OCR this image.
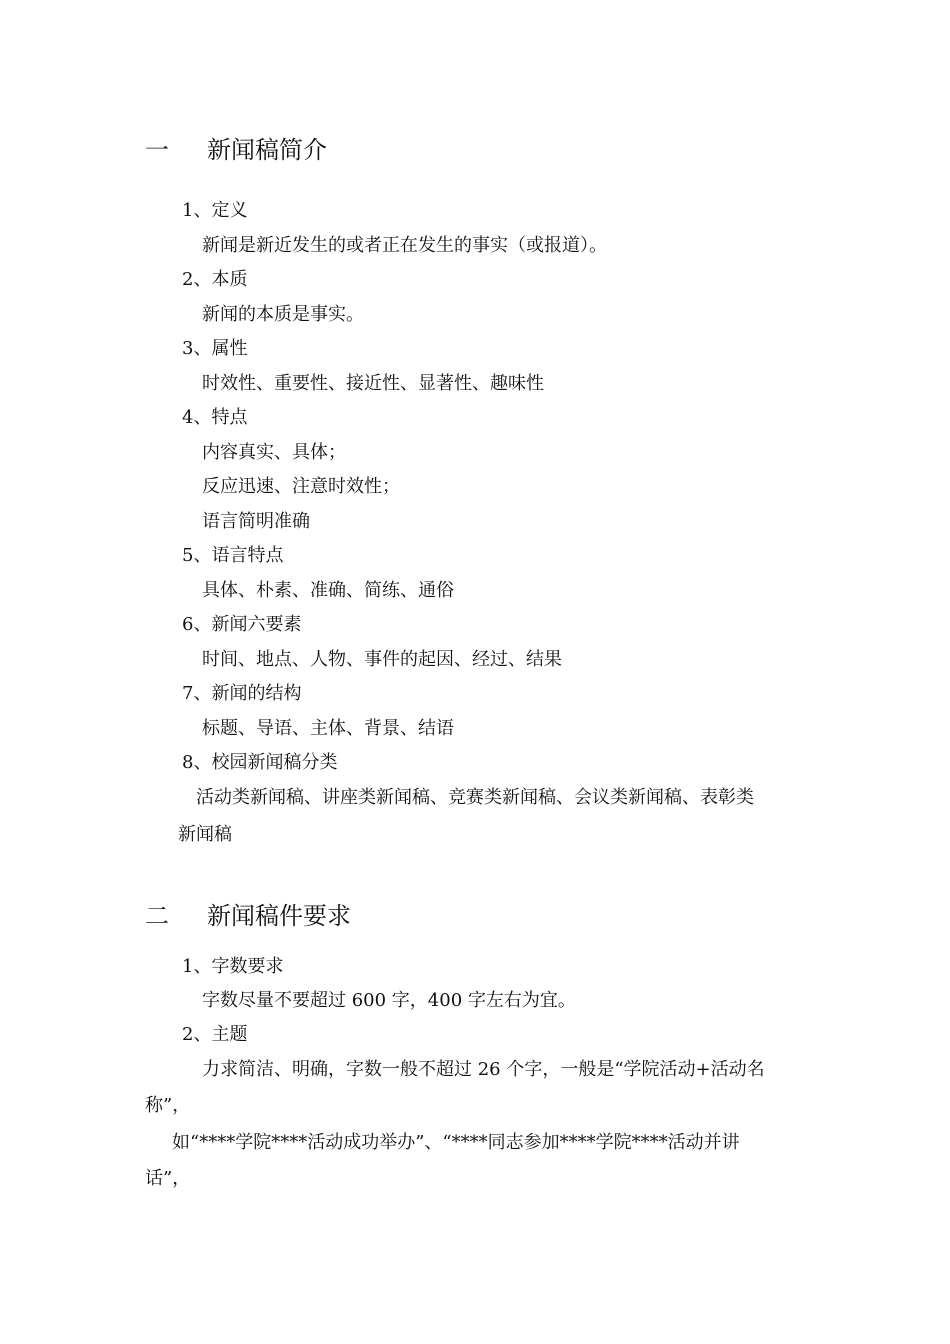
一 新闻稿简介
1、定义
新闻是新近发生的或者正在发生的事实（或报道）。
2、本质
新闻的本质是事实。
3、属性
时效性、重要性、接近性、显著性、趣味性
4、特点
内容真实、具体；
反应迅速、注意时效性；
语言简明准确
5、语言特点
具体、朴素、准确、简练、通俗
6、新闻六要素
时间、地点、人物、事件的起因、经过、结果
7、新闻的结构
标题、导语、主体、背景、结语
8、校园新闻稿分类
活动类新闻稿、讲座类新闻稿、竞赛类新闻稿、会议类新闻稿、表彰类
新闻稿
二 新闻稿件要求
1、字数要求
字数尽量不要超过 600 字，400 字左右为宜。
2、主题
力求简洁、明确，字数一般不超过 26 个字，一般是“学院活动+活动名
称”，
如“****学院****活动成功举办”、“****同志参加****学院****活动并讲
话”，
